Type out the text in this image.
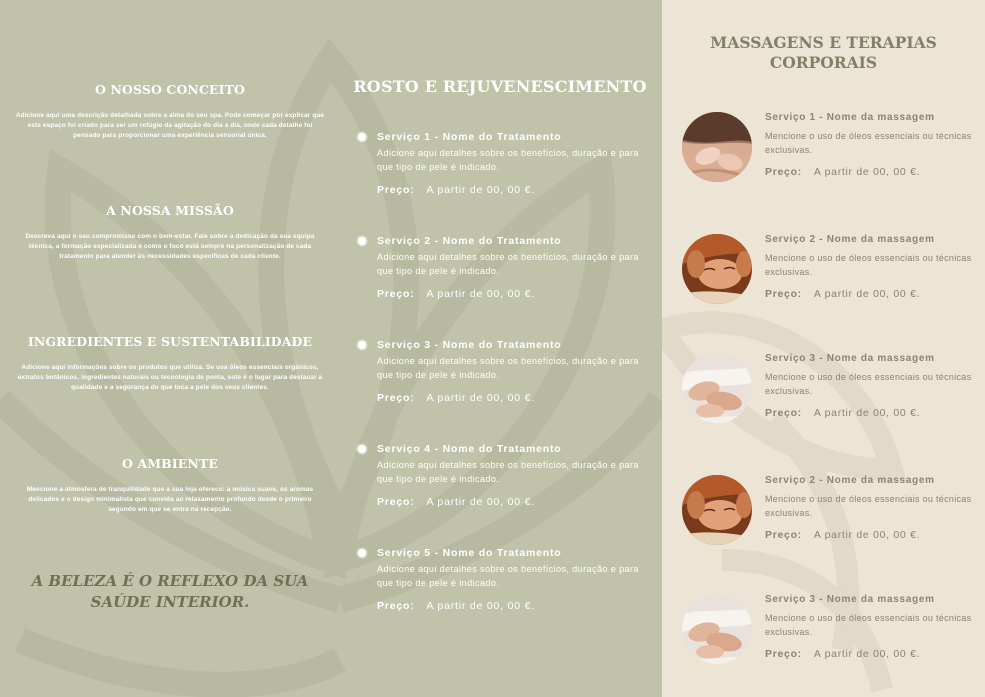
O NOSSO CONCEITO

Adicione aqui uma descrição detalhada sobre a alma do seu spa. Pode começar por explicar que este espaço foi criado para ser um refúgio da agitação do dia a dia, onde cada detalhe foi pensado para proporcionar uma experiência sensorial única.

A NOSSA MISSÃO

Descreva aqui o seu compromisso com o bem-estar. Fale sobre a dedicação da sua equipa técnica, a formação especializada e como o foco está sempre na personalização de cada tratamento para atender às necessidades específicas de cada cliente.

INGREDIENTES E SUSTENTABILIDADE

Adicione aqui informações sobre os produtos que utiliza. Se usa óleos essenciais orgânicos, extratos botânicos, ingredientes naturais ou tecnologia de ponta, este é o lugar para destacar a qualidade e a segurança do que toca a pele dos seus clientes.

O AMBIENTE

Mencione a atmosfera de tranquilidade que a sua loja oferece: a música suave, os aromas delicados e o design minimalista que convida ao relaxamento profundo desde o primeiro segundo em que se entra na recepção.

A BELEZA É O REFLEXO DA SUA SAÚDE INTERIOR.
ROSTO E REJUVENESCIMENTO
Serviço 1 - Nome do Tratamento
Adicione aqui detalhes sobre os benefícios, duração e para que tipo de pele é indicado.
Preço: A partir de 00, 00 €.
Serviço 2 - Nome do Tratamento
Adicione aqui detalhes sobre os benefícios, duração e para que tipo de pele é indicado.
Preço: A partir de 00, 00 €.
Serviço 3 - Nome do Tratamento
Adicione aqui detalhes sobre os benefícios, duração e para que tipo de pele é indicado.
Preço: A partir de 00, 00 €.
Serviço 4 - Nome do Tratamento
Adicione aqui detalhes sobre os benefícios, duração e para que tipo de pele é indicado.
Preço: A partir de 00, 00 €.
Serviço 5 - Nome do Tratamento
Adicione aqui detalhes sobre os benefícios, duração e para que tipo de pele é indicado.
Preço: A partir de 00, 00 €.
MASSAGENS E TERAPIAS CORPORAIS
Serviço 1 - Nome da massagem
Mencione o uso de óleos essenciais ou técnicas exclusivas.
Preço: A partir de 00, 00 €.
Serviço 2 - Nome da massagem
Mencione o uso de óleos essenciais ou técnicas exclusivas.
Preço: A partir de 00, 00 €.
Serviço 3 - Nome da massagem
Mencione o uso de óleos essenciais ou técnicas exclusivas.
Preço: A partir de 00, 00 €.
Serviço 2 - Nome da massagem
Mencione o uso de óleos essenciais ou técnicas exclusivas.
Preço: A partir de 00, 00 €.
Serviço 3 - Nome da massagem
Mencione o uso de óleos essenciais ou técnicas exclusivas.
Preço: A partir de 00, 00 €.
